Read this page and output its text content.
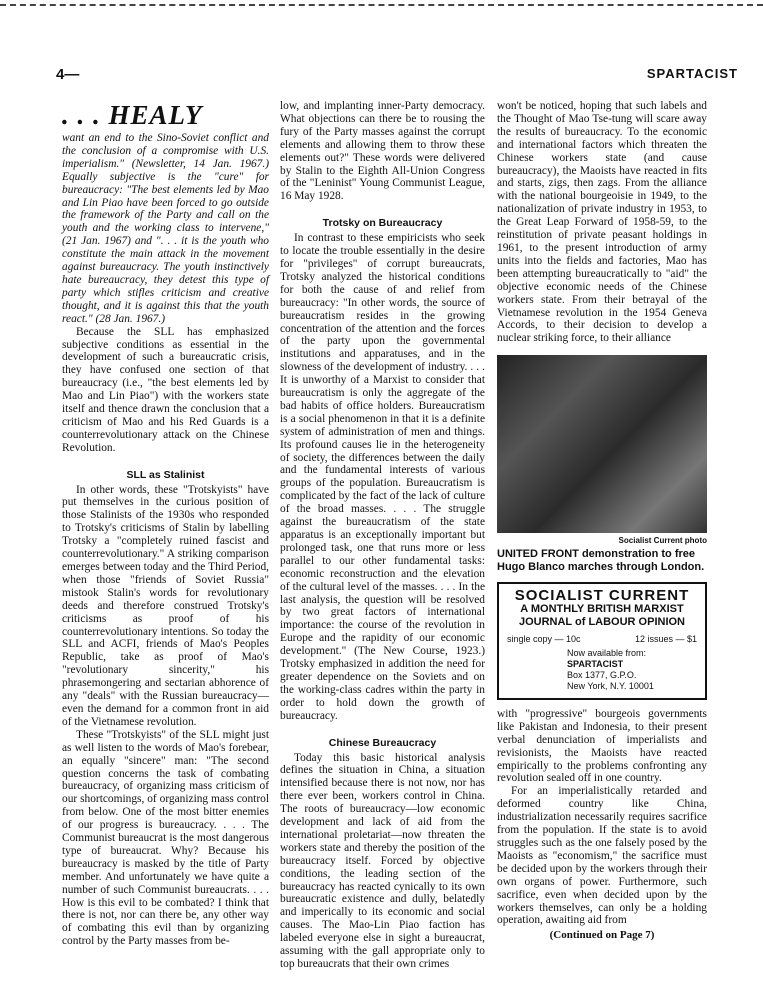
4—	SPARTACIST
. . . HEALY

want an end to the Sino-Soviet conflict and the conclusion of a compromise with U.S. imperialism." (Newsletter, 14 Jan. 1967.) Equally subjective is the "cure" for bureaucracy: "The best elements led by Mao and Lin Piao have been forced to go outside the framework of the Party and call on the youth and the working class to intervene," (21 Jan. 1967) and ". . . it is the youth who constitute the main attack in the movement against bureaucracy. The youth instinctively hate bureaucracy, they detest this type of party which stifles criticism and creative thought, and it is against this that the youth react." (28 Jan. 1967.)

Because the SLL has emphasized subjective conditions as essential in the development of such a bureaucratic crisis, they have confused one section of that bureaucracy (i.e., "the best elements led by Mao and Lin Piao") with the workers state itself and thence drawn the conclusion that a criticism of Mao and his Red Guards is a counterrevolutionary attack on the Chinese Revolution.

SLL as Stalinist

In other words, these "Trotskyists" have put themselves in the curious position of those Stalinists of the 1930s who responded to Trotsky's criticisms of Stalin by labelling Trotsky a "completely ruined fascist and counterrevolutionary." A striking comparison emerges between today and the Third Period, when those "friends of Soviet Russia" mistook Stalin's words for revolutionary deeds and therefore construed Trotsky's criticisms as proof of his counterrevolutionary intentions. So today the SLL and ACFI, friends of Mao's Peoples Republic, take as proof of Mao's "revolutionary sincerity," his phrasemongering and sectarian abhorence of any "deals" with the Russian bureaucracy—even the demand for a common front in aid of the Vietnamese revolution.

These "Trotskyists" of the SLL might just as well listen to the words of Mao's forebear, an equally "sincere" man: "The second question concerns the task of combating bureaucracy, of organizing mass criticism of our shortcomings, of organizing mass control from below. One of the most bitter enemies of our progress is bureaucracy. . . . The Communist bureaucrat is the most dangerous type of bureaucrat. Why? Because his bureaucracy is masked by the title of Party member. And unfortunately we have quite a number of such Communist bureaucrats. . . . How is this evil to be combated? I think that there is not, nor can there be, any other way of combating this evil than by organizing control by the Party masses from be-

low, and implanting inner-Party democracy. What objections can there be to rousing the fury of the Party masses against the corrupt elements and allowing them to throw these elements out?" These words were delivered by Stalin to the Eighth All-Union Congress of the "Leninist" Young Communist League, 16 May 1928.

Trotsky on Bureaucracy

In contrast to these empiricists who seek to locate the trouble essentially in the desire for "privileges" of corrupt bureaucrats, Trotsky analyzed the historical conditions for both the cause of and relief from bureaucracy: "In other words, the source of bureaucratism resides in the growing concentration of the attention and the forces of the party upon the governmental institutions and apparatuses, and in the slowness of the development of industry. . . . It is unworthy of a Marxist to consider that bureaucratism is only the aggregate of the bad habits of office holders. Bureaucratism is a social phenomenon in that it is a definite system of administration of men and things. Its profound causes lie in the heterogeneity of society, the differences between the daily and the fundamental interests of various groups of the population. Bureaucratism is complicated by the fact of the lack of culture of the broad masses. . . . The struggle against the bureaucratism of the state apparatus is an exceptionally important but prolonged task, one that runs more or less parallel to our other fundamental tasks: economic reconstruction and the elevation of the cultural level of the masses. . . . In the last analysis, the question will be resolved by two great factors of international importance: the course of the revolution in Europe and the rapidity of our economic development." (The New Course, 1923.) Trotsky emphasized in addition the need for greater dependence on the Soviets and on the working-class cadres within the party in order to hold down the growth of bureaucracy.

Chinese Bureaucracy

Today this basic historical analysis defines the situation in China, a situation intensified because there is not now, nor has there ever been, workers control in China. The roots of bureaucracy—low economic development and lack of aid from the international proletariat—now threaten the workers state and thereby the position of the bureaucracy itself. Forced by objective conditions, the leading section of the bureaucracy has reacted cynically to its own bureaucratic existence and dully, belatedly and imperically to its economic and social causes. The Mao-Lin Piao faction has labeled everyone else in sight a bureaucrat, assuming with the gall appropriate only to top bureaucrats that their own crimes

won't be noticed, hoping that such labels and the Thought of Mao Tse-tung will scare away the results of bureaucracy. To the economic and international factors which threaten the Chinese workers state (and cause bureaucracy), the Maoists have reacted in fits and starts, zigs, then zags. From the alliance with the national bourgeoisie in 1949, to the nationalization of private industry in 1953, to the Great Leap Forward of 1958-59, to the reinstitution of private peasant holdings in 1961, to the present introduction of army units into the fields and factories, Mao has been attempting bureaucratically to "aid" the objective economic needs of the Chinese workers state. From their betrayal of the Vietnamese revolution in the 1954 Geneva Accords, to their decision to develop a nuclear striking force, to their alliance

Socialist Current photo
UNITED FRONT demonstration to free Hugo Blanco marches through London.
SOCIALIST CURRENT
A MONTHLY BRITISH MARXIST
JOURNAL of LABOUR OPINION
single copy — 10c	12 issues — $1
Now available from:
SPARTACIST
Box 1377, G.P.O.
New York, N.Y. 10001

with "progressive" bourgeois governments like Pakistan and Indonesia, to their present verbal denunciation of imperialists and revisionists, the Maoists have reacted empirically to the problems confronting any revolution sealed off in one country.

For an imperialistically retarded and deformed country like China, industrialization necessarily requires sacrifice from the population. If the state is to avoid struggles such as the one falsely posed by the Maoists as "economism," the sacrifice must be decided upon by the workers through their own organs of power. Furthermore, such sacrifice, even when decided upon by the workers themselves, can only be a holding operation, awaiting aid from

(Continued on Page 7)
